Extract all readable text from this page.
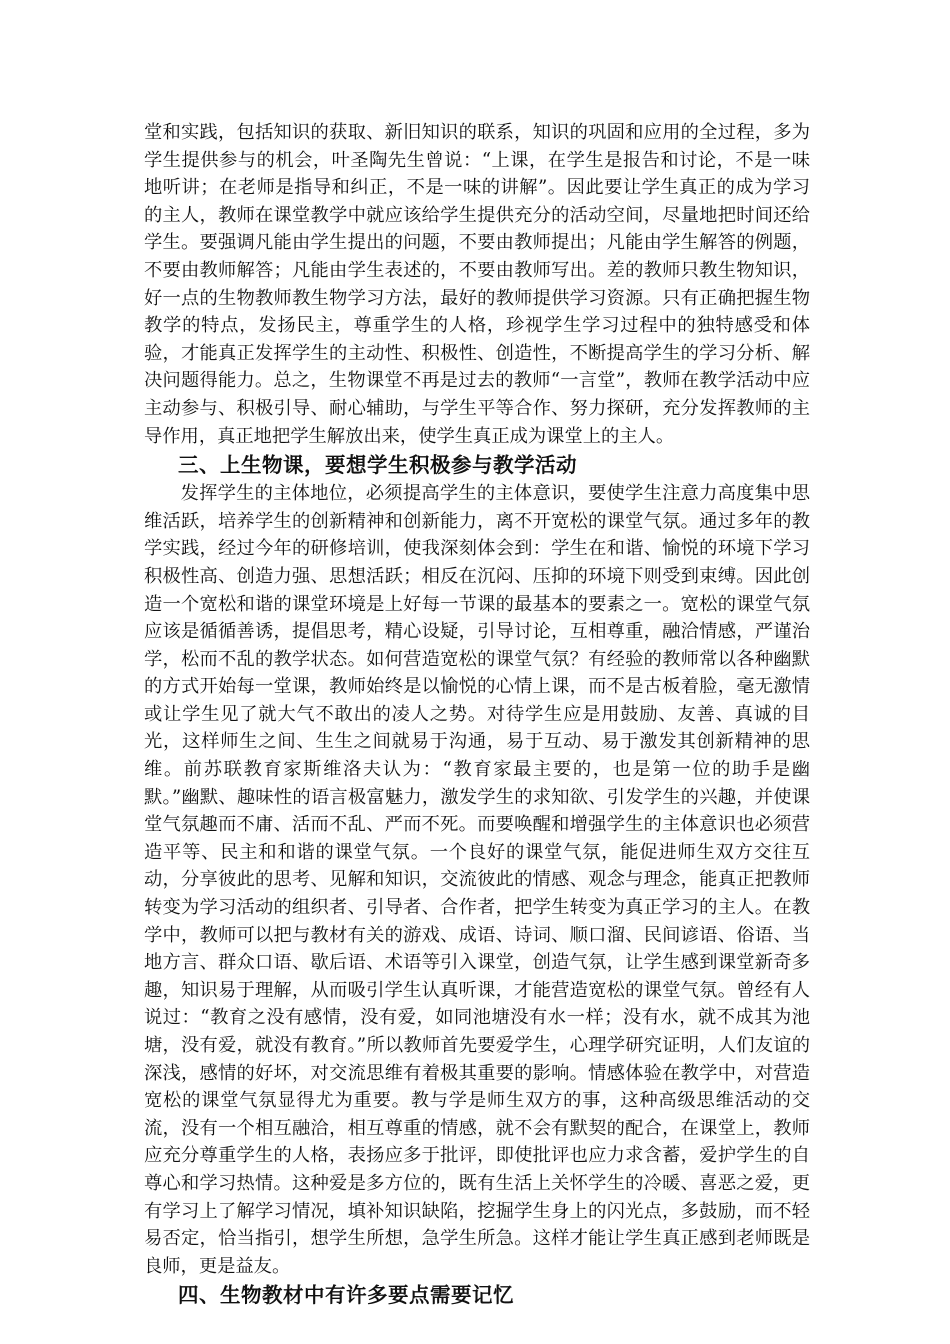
堂和实践，包括知识的获取、新旧知识的联系，知识的巩固和应用的全过程，多为学生提供参与的机会，叶圣陶先生曾说：“上课，在学生是报告和讨论，不是一味地听讲；在老师是指导和纠正，不是一味的讲解”。因此要让学生真正的成为学习的主人，教师在课堂教学中就应该给学生提供充分的活动空间，尽量地把时间还给学生。要强调凡能由学生提出的问题，不要由教师提出；凡能由学生解答的例题，不要由教师解答；凡能由学生表述的，不要由教师写出。差的教师只教生物知识，好一点的生物教师教生物学习方法，最好的教师提供学习资源。只有正确把握生物教学的特点，发扬民主，尊重学生的人格，珍视学生学习过程中的独特感受和体验，才能真正发挥学生的主动性、积极性、创造性，不断提高学生的学习分析、解决问题得能力。总之，生物课堂不再是过去的教师“一言堂”，教师在教学活动中应主动参与、积极引导、耐心辅助，与学生平等合作、努力探研，充分发挥教师的主导作用，真正地把学生解放出来，使学生真正成为课堂上的主人。

三、上生物课，要想学生积极参与教学活动

发挥学生的主体地位，必须提高学生的主体意识，要使学生注意力高度集中思维活跃，培养学生的创新精神和创新能力，离不开宽松的课堂气氛。通过多年的教学实践，经过今年的研修培训，使我深刻体会到：学生在和谐、愉悦的环境下学习积极性高、创造力强、思想活跃；相反在沉闷、压抑的环境下则受到束缚。因此创造一个宽松和谐的课堂环境是上好每一节课的最基本的要素之一。宽松的课堂气氛应该是循循善诱，提倡思考，精心设疑，引导讨论，互相尊重，融洽情感，严谨治学，松而不乱的教学状态。如何营造宽松的课堂气氛？有经验的教师常以各种幽默的方式开始每一堂课，教师始终是以愉悦的心情上课，而不是古板着脸，毫无激情或让学生见了就大气不敢出的凌人之势。对待学生应是用鼓励、友善、真诚的目光，这样师生之间、生生之间就易于沟通，易于互动、易于激发其创新精神的思维。前苏联教育家斯维洛夫认为：“教育家最主要的，也是第一位的助手是幽默。”幽默、趣味性的语言极富魅力，激发学生的求知欲、引发学生的兴趣，并使课堂气氛趣而不庸、活而不乱、严而不死。而要唤醒和增强学生的主体意识也必须营造平等、民主和和谐的课堂气氛。一个良好的课堂气氛，能促进师生双方交往互动，分享彼此的思考、见解和知识，交流彼此的情感、观念与理念，能真正把教师转变为学习活动的组织者、引导者、合作者，把学生转变为真正学习的主人。在教学中，教师可以把与教材有关的游戏、成语、诗词、顺口溜、民间谚语、俗语、当地方言、群众口语、歇后语、术语等引入课堂，创造气氛，让学生感到课堂新奇多趣，知识易于理解，从而吸引学生认真听课，才能营造宽松的课堂气氛。曾经有人说过：“教育之没有感情，没有爱，如同池塘没有水一样；没有水，就不成其为池塘，没有爱，就没有教育。”所以教师首先要爱学生，心理学研究证明，人们友谊的深浅，感情的好坏，对交流思维有着极其重要的影响。情感体验在教学中，对营造宽松的课堂气氛显得尤为重要。教与学是师生双方的事，这种高级思维活动的交流，没有一个相互融洽，相互尊重的情感，就不会有默契的配合，在课堂上，教师应充分尊重学生的人格，表扬应多于批评，即使批评也应力求含蓄，爱护学生的自尊心和学习热情。这种爱是多方位的，既有生活上关怀学生的冷暖、喜恶之爱，更有学习上了解学习情况，填补知识缺陷，挖掘学生身上的闪光点，多鼓励，而不轻易否定，恰当指引，想学生所想，急学生所急。这样才能让学生真正感到老师既是良师，更是益友。

四、生物教材中有许多要点需要记忆
